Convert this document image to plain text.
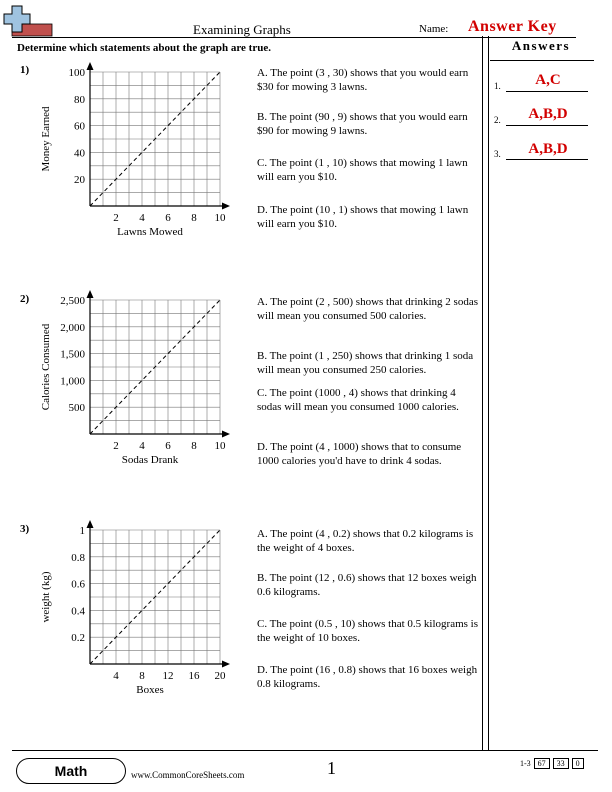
Examining Graphs	Name: Answer Key
Determine which statements about the graph are true.	Answers
1.	A,C
2.	A,B,D
3.	A,B,D
1)
20
40
60
80
100
2 4 6 8 10
Lawns Mowed
Money Earned
A. The point (3 , 30) shows that you would earn $30 for mowing 3 lawns.
B. The point (90 , 9) shows that you would earn $90 for mowing 9 lawns.
C. The point (1 , 10) shows that mowing 1 lawn will earn you $10.
D. The point (10 , 1) shows that mowing 1 lawn will earn you $10.
2)
500
1,000
1,500
2,000
2,500
2 4 6 8 10
Sodas Drank
Calories Consumed
A. The point (2 , 500) shows that drinking 2 sodas will mean you consumed 500 calories.
B. The point (1 , 250) shows that drinking 1 soda will mean you consumed 250 calories.
C. The point (1000 , 4) shows that drinking 4 sodas will mean you consumed 1000 calories.
D. The point (4 , 1000) shows that to consume 1000 calories you'd have to drink 4 sodas.
3)
0.2
0.4
0.6
0.8
1
4 8 12 16 20
Boxes
weight (kg)
A. The point (4 , 0.2) shows that 0.2 kilograms is the weight of 4 boxes.
B. The point (12 , 0.6) shows that 12 boxes weigh 0.6 kilograms.
C. The point (0.5 , 10) shows that 0.5 kilograms is the weight of 10 boxes.
D. The point (16 , 0.8) shows that 16 boxes weigh 0.8 kilograms.
Math	www.CommonCoreSheets.com	1	1-3 67	33	0
